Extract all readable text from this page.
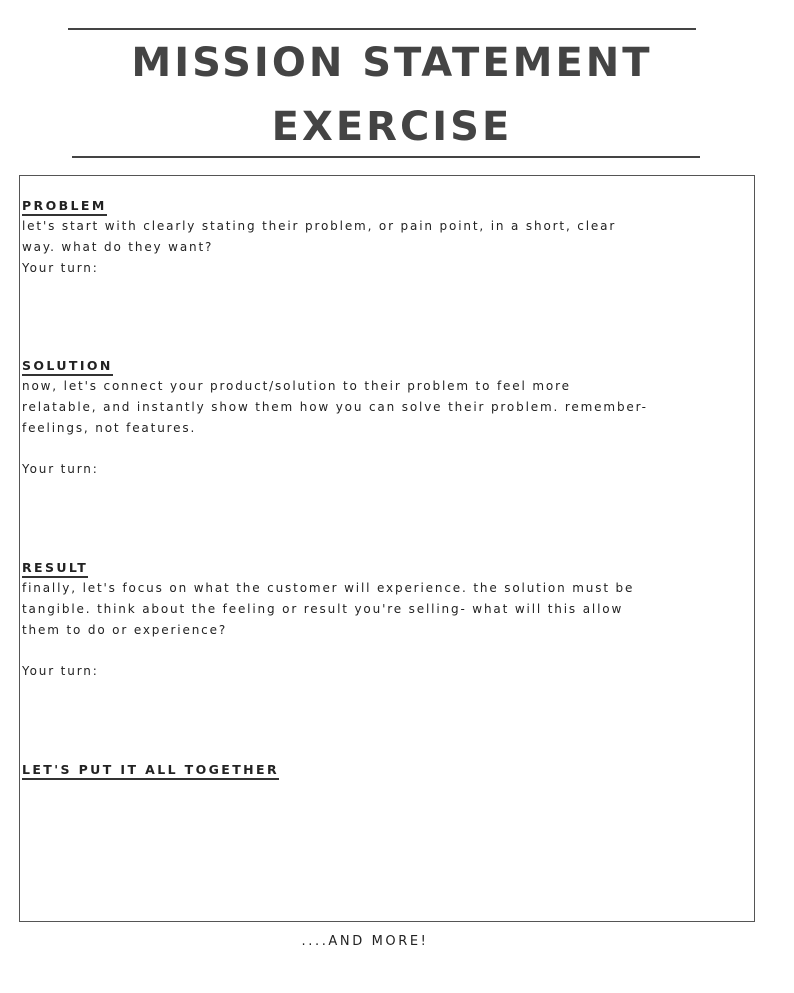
MISSION STATEMENT
EXERCISE
PROBLEM

let's start with clearly stating their problem, or pain point, in a short, clear

way. what do they want?

Your turn:

SOLUTION

now, let's connect your product/solution to their problem to feel more

relatable, and instantly show them how you can solve their problem. remember-

feelings, not features.

Your turn:

RESULT

finally, let's focus on what the customer will experience. the solution must be

tangible. think about the feeling or result you're selling- what will this allow

them to do or experience?

Your turn:

LET'S PUT IT ALL TOGETHER
....AND MORE!
